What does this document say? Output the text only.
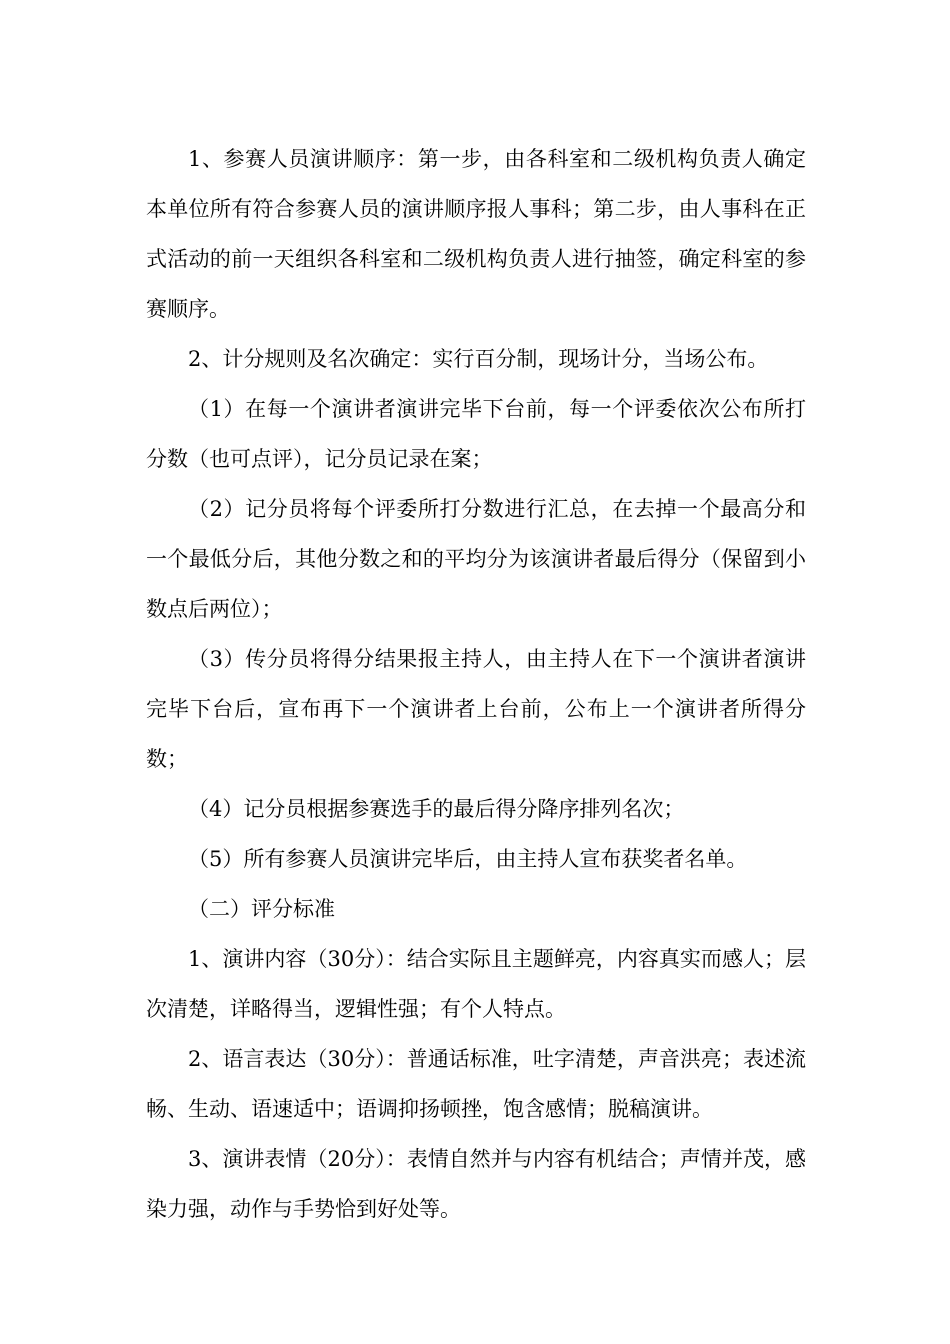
1、参赛人员演讲顺序：第一步，由各科室和二级机构负责人确定本单位所有符合参赛人员的演讲顺序报人事科；第二步，由人事科在正式活动的前一天组织各科室和二级机构负责人进行抽签，确定科室的参赛顺序。

2、计分规则及名次确定：实行百分制，现场计分，当场公布。

（1）在每一个演讲者演讲完毕下台前，每一个评委依次公布所打分数（也可点评），记分员记录在案；

（2）记分员将每个评委所打分数进行汇总，在去掉一个最高分和一个最低分后，其他分数之和的平均分为该演讲者最后得分（保留到小数点后两位）；

（3）传分员将得分结果报主持人，由主持人在下一个演讲者演讲完毕下台后，宣布再下一个演讲者上台前，公布上一个演讲者所得分数；

（4）记分员根据参赛选手的最后得分降序排列名次；

（5）所有参赛人员演讲完毕后，由主持人宣布获奖者名单。

（二）评分标准

1、演讲内容（30分）：结合实际且主题鲜亮，内容真实而感人；层次清楚，详略得当，逻辑性强；有个人特点。

2、语言表达（30分）：普通话标准，吐字清楚，声音洪亮；表述流畅、生动、语速适中；语调抑扬顿挫，饱含感情；脱稿演讲。

3、演讲表情（20分）：表情自然并与内容有机结合；声情并茂，感染力强，动作与手势恰到好处等。
